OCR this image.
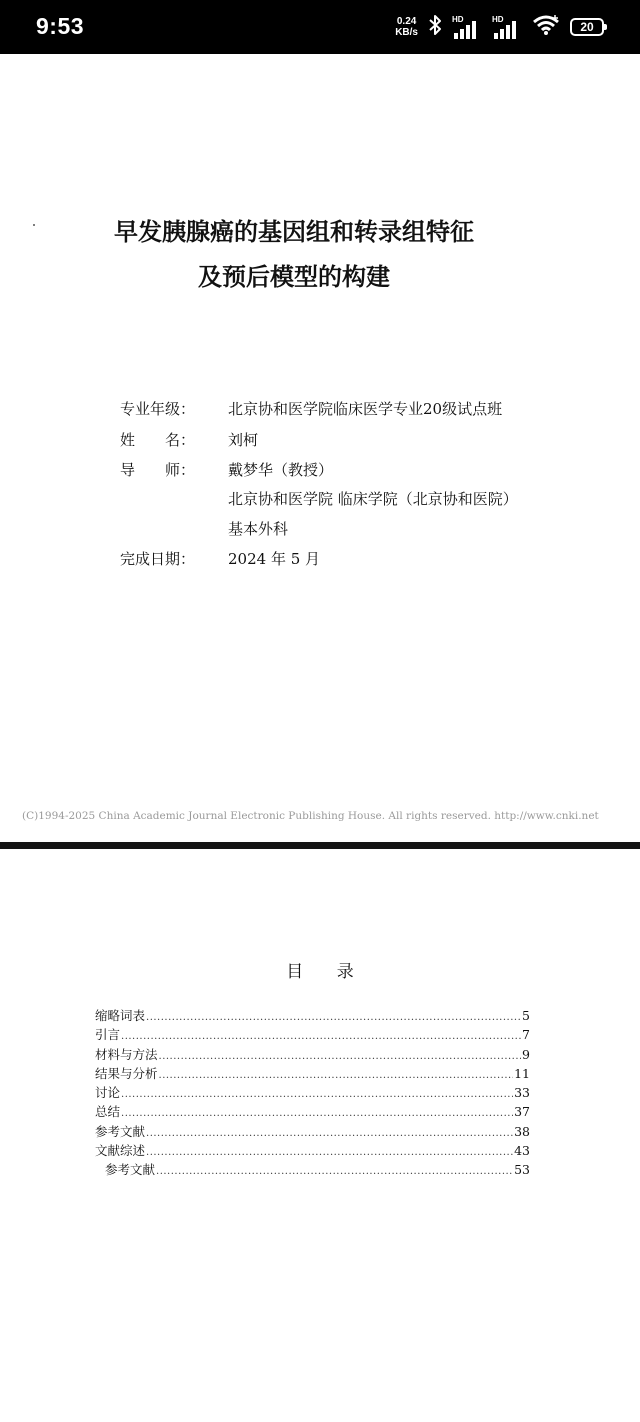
9:53	0.24
KB/s
HD	HD
20
早发胰腺癌的基因组和转录组特征
及预后模型的构建
专业年级：	北京协和医学院临床医学专业20级试点班
姓　　名：	刘柯
导　　师：	戴梦华（教授）
北京协和医学院 临床学院（北京协和医院）
基本外科
完成日期：	2024 年 5 月
(C)1994-2025 China Academic Journal Electronic Publishing House. All rights reserved. http://www.cnki.net
目 录
缩略词表 .....	5
引言 .....	7
材料与方法 .....	9
结果与分析 .....	11
讨论 .....	33
总结 .....	37
参考文献 .....	38
文献综述 .....	43
参考文献 .....	53
